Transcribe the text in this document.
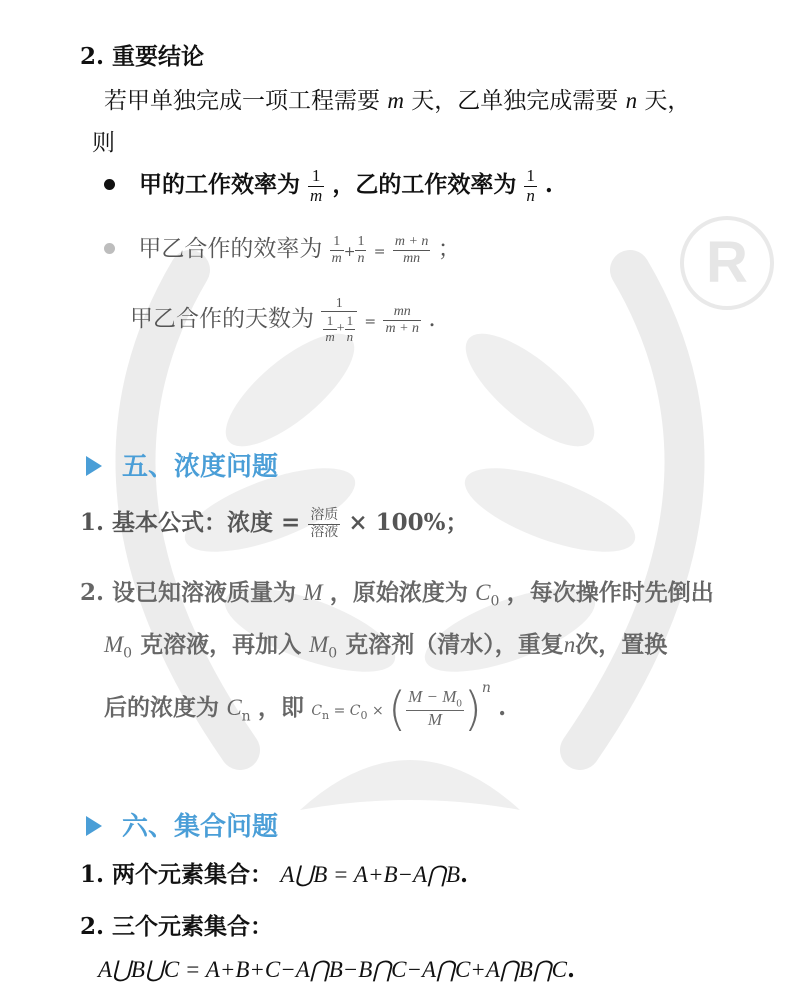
R
2. 重要结论
若甲单独完成一项工程需要 m 天，乙单独完成需要 n 天，
则
甲的工作效率为 $\frac{1}{m}$ ，乙的工作效率为 $\frac{1}{n}$ .
甲乙合作的效率为 $\frac{1}{m} + \frac{1}{n} = \frac{m + n}{mn}$ ；
甲乙合作的天数为 $\frac{1}{\frac{1}{m} + \frac{1}{n}} = \frac{mn}{m + n}$ .
五、浓度问题
1. 基本公式：浓度 = $\frac{\text{溶质}}{\text{溶液}} \times 100\%$；
2. 设已知溶液质量为 M ，原始浓度为 $C_0$ ，每次操作时先倒出
$M_0$ 克溶液，再加入 $M_0$ 克溶剂（清水），重复n次，置换
后的浓度为 $C_n$ ，即 $C_n = C_0$ × ( $\frac{M - M_0}{M} )^n$ .
六、集合问题
1. 两个元素集合： A⋃B = A+B−A⋂B.
2. 三个元素集合：
A⋃B⋃C = A+B+C−A⋂B−B⋂C−A⋂C+A⋂B⋂C.
